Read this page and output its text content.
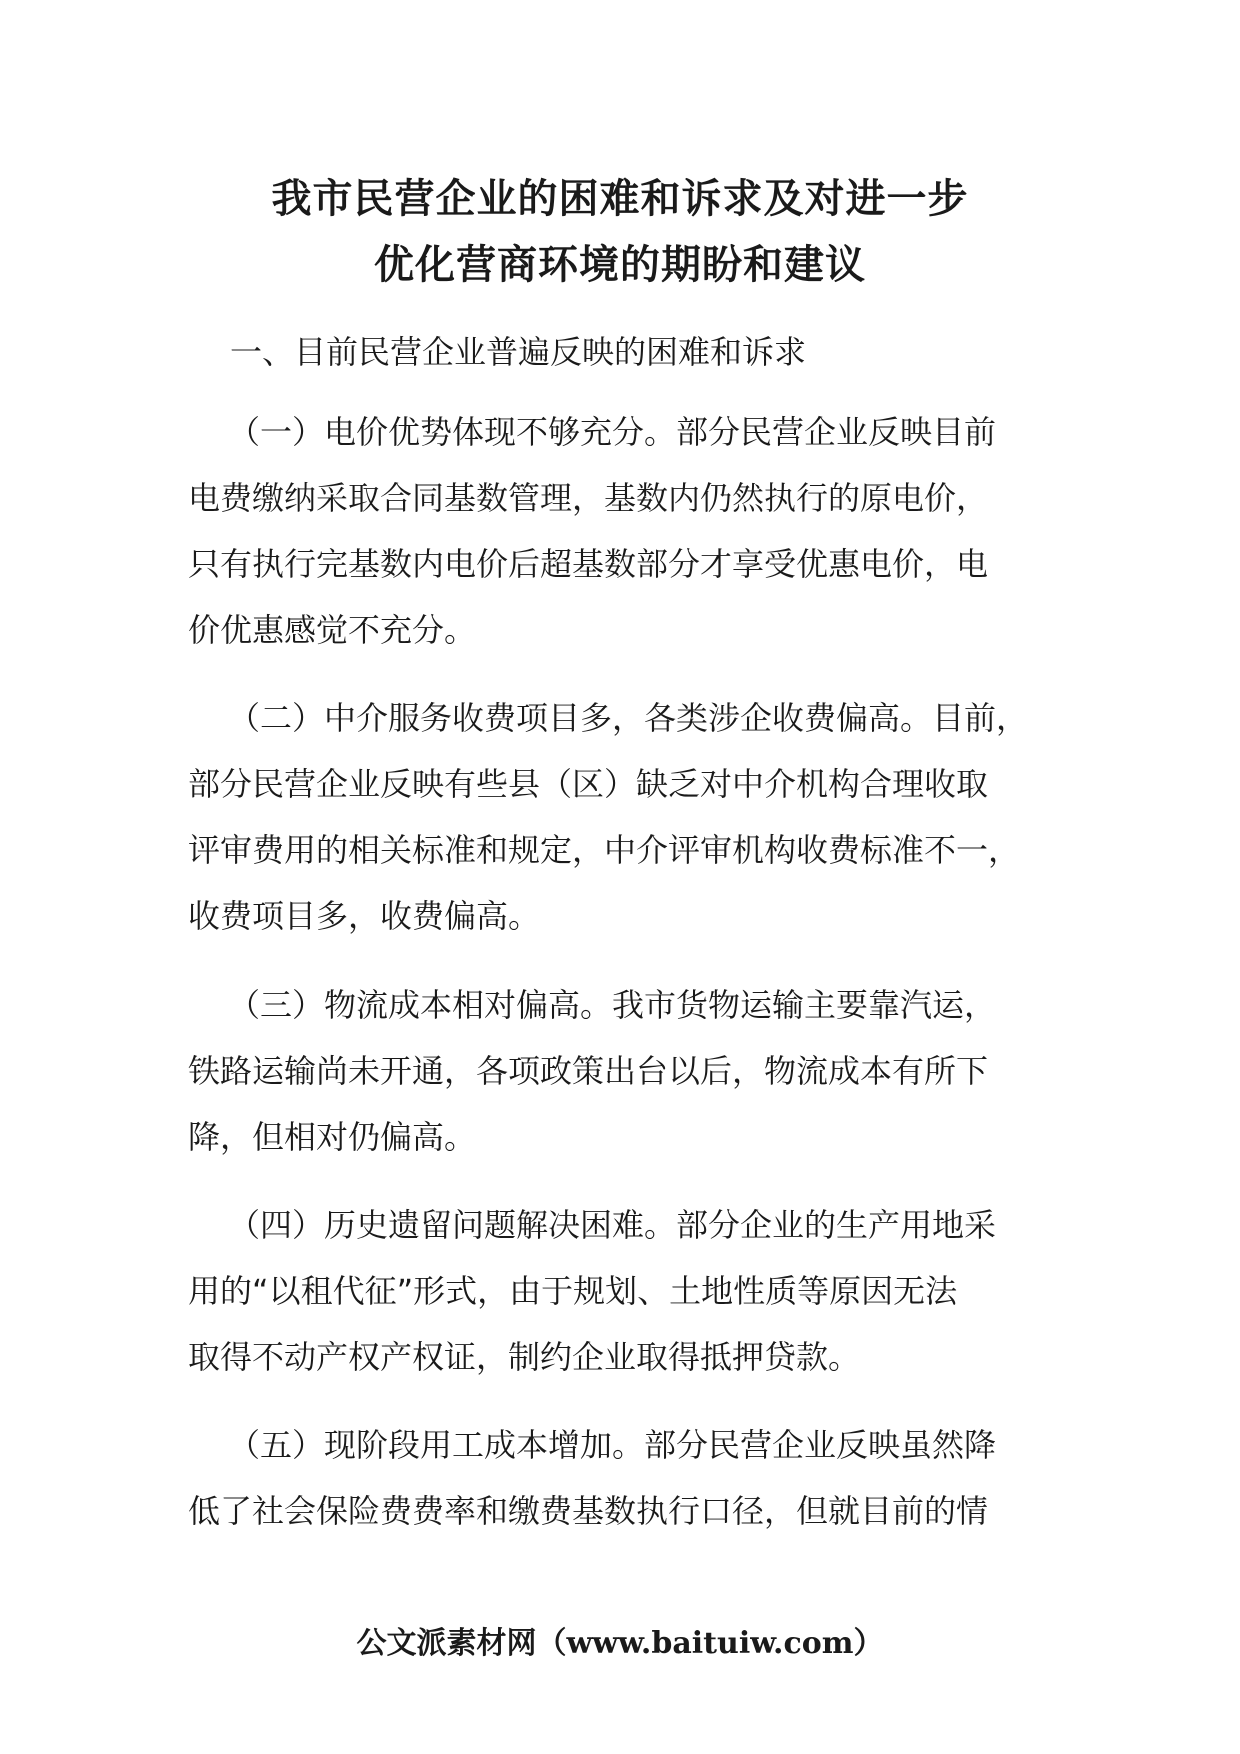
我市民营企业的困难和诉求及对进一步
优化营商环境的期盼和建议
一、目前民营企业普遍反映的困难和诉求
（一）电价优势体现不够充分。部分民营企业反映目前
电费缴纳采取合同基数管理，基数内仍然执行的原电价，
只有执行完基数内电价后超基数部分才享受优惠电价，电
价优惠感觉不充分。
（二）中介服务收费项目多，各类涉企收费偏高。目前，
部分民营企业反映有些县（区）缺乏对中介机构合理收取
评审费用的相关标准和规定，中介评审机构收费标准不一，
收费项目多，收费偏高。
（三）物流成本相对偏高。我市货物运输主要靠汽运，
铁路运输尚未开通，各项政策出台以后，物流成本有所下
降，但相对仍偏高。
（四）历史遗留问题解决困难。部分企业的生产用地采
用的“以租代征”形式，由于规划、土地性质等原因无法
取得不动产权产权证，制约企业取得抵押贷款。
（五）现阶段用工成本增加。部分民营企业反映虽然降
低了社会保险费费率和缴费基数执行口径，但就目前的情
公文派素材网（www.baituiw.com）
